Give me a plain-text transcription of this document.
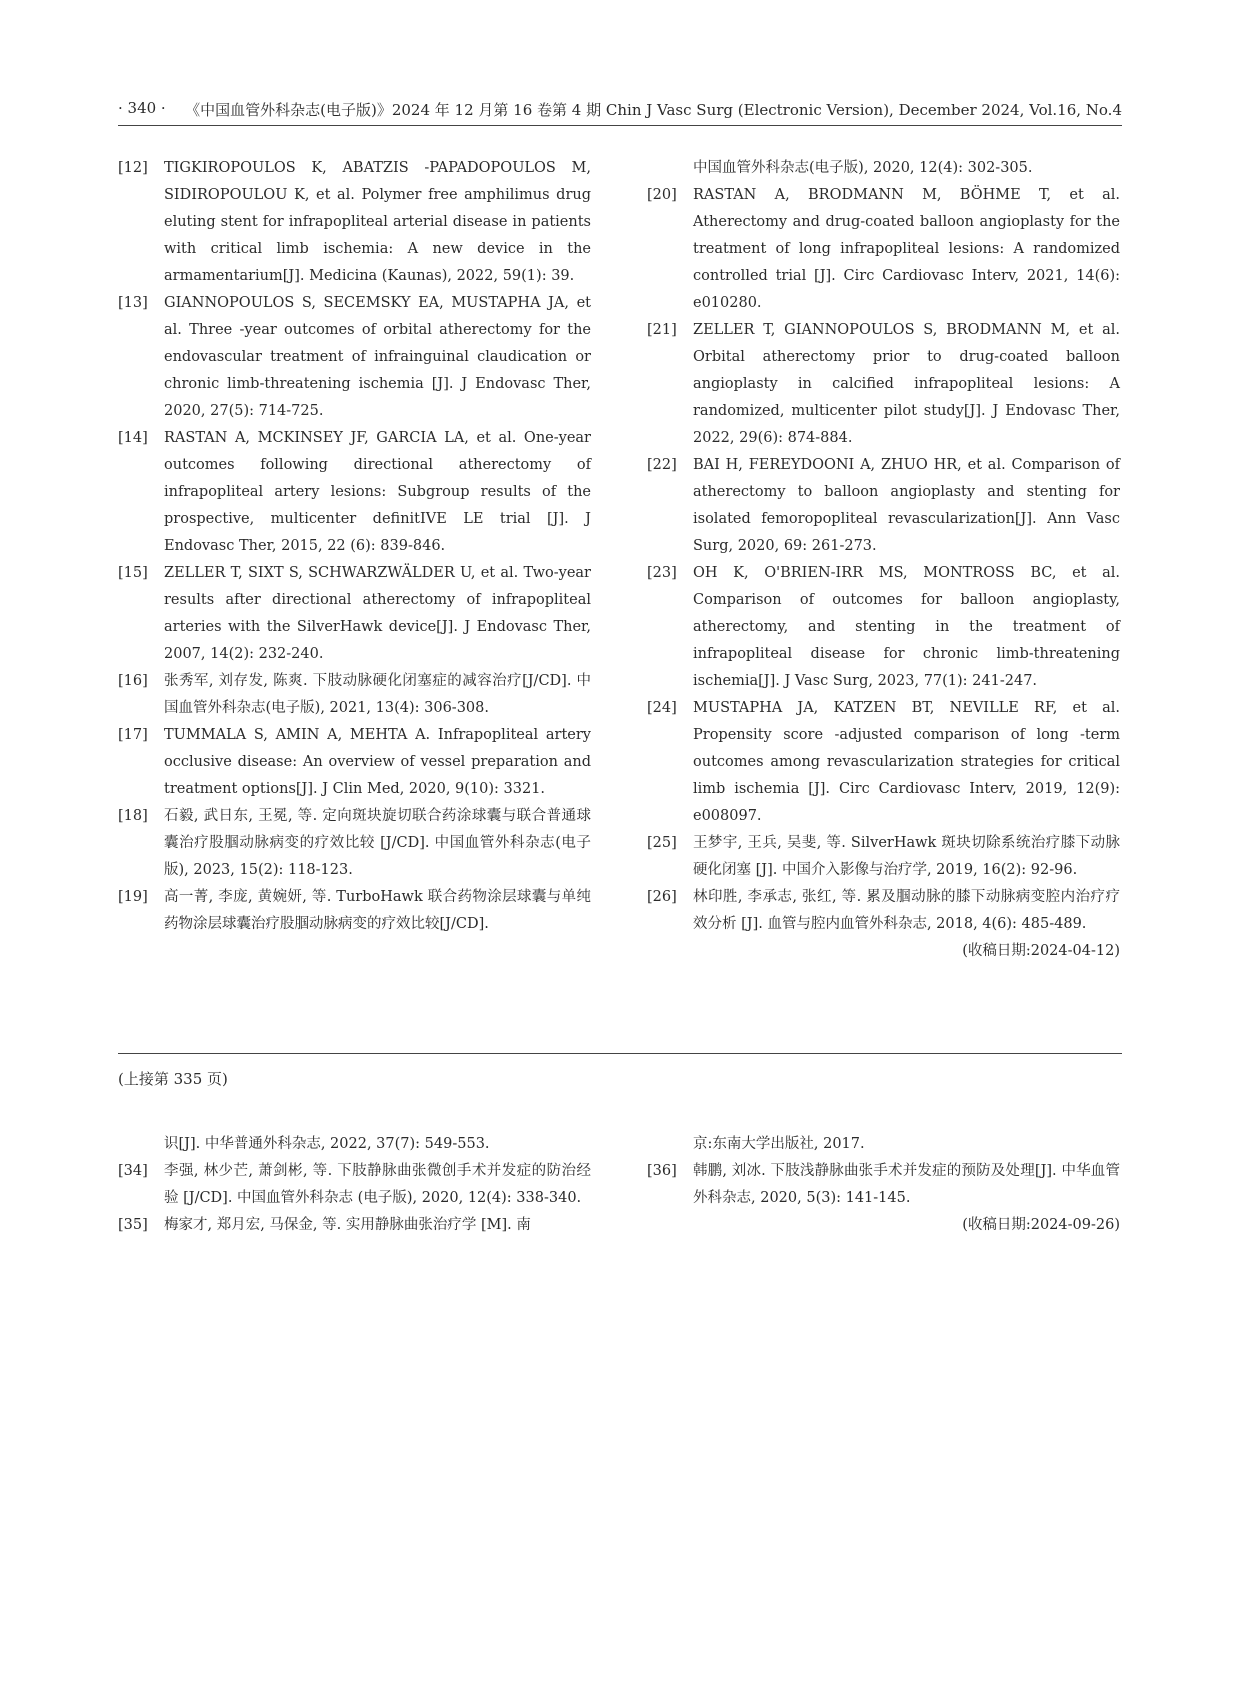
· 340 · 《中国血管外科杂志(电子版)》2024 年 12 月第 16 卷第 4 期 Chin J Vasc Surg (Electronic Version), December 2024, Vol.16, No.4
[12] TIGKIROPOULOS K, ABATZIS -PAPADOPOULOS M, SIDIROPOULOU K, et al. Polymer free amphilimus drug eluting stent for infrapopliteal arterial disease in patients with critical limb ischemia: A new device in the armamentarium[J]. Medicina (Kaunas), 2022, 59(1): 39.
[13] GIANNOPOULOS S, SECEMSKY EA, MUSTAPHA JA, et al. Three -year outcomes of orbital atherectomy for the endovascular treatment of infrainguinal claudication or chronic limb-threatening ischemia [J]. J Endovasc Ther, 2020, 27(5): 714-725.
[14] RASTAN A, MCKINSEY JF, GARCIA LA, et al. One-year outcomes following directional atherectomy of infrapopliteal artery lesions: Subgroup results of the prospective, multicenter definitIVE LE trial [J]. J Endovasc Ther, 2015, 22 (6): 839-846.
[15] ZELLER T, SIXT S, SCHWARZWÄLDER U, et al. Two-year results after directional atherectomy of infrapopliteal arteries with the SilverHawk device[J]. J Endovasc Ther, 2007, 14(2): 232-240.
[16] 张秀军, 刘存发, 陈爽. 下肢动脉硬化闭塞症的减容治疗[J/CD]. 中国血管外科杂志(电子版), 2021, 13(4): 306-308.
[17] TUMMALA S, AMIN A, MEHTA A. Infrapopliteal artery occlusive disease: An overview of vessel preparation and treatment options[J]. J Clin Med, 2020, 9(10): 3321.
[18] 石毅, 武日东, 王冕, 等. 定向斑块旋切联合药涂球囊与联合普通球囊治疗股腘动脉病变的疗效比较 [J/CD]. 中国血管外科杂志(电子版), 2023, 15(2): 118-123.
[19] 高一菁, 李庞, 黄婉妍, 等. TurboHawk 联合药物涂层球囊与单纯药物涂层球囊治疗股腘动脉病变的疗效比较[J/CD].

中国血管外科杂志(电子版), 2020, 12(4): 302-305.

[20] RASTAN A, BRODMANN M, BÖHME T, et al. Atherectomy and drug-coated balloon angioplasty for the treatment of long infrapopliteal lesions: A randomized controlled trial [J]. Circ Cardiovasc Interv, 2021, 14(6): e010280.
[21] ZELLER T, GIANNOPOULOS S, BRODMANN M, et al. Orbital atherectomy prior to drug-coated balloon angioplasty in calcified infrapopliteal lesions: A randomized, multicenter pilot study[J]. J Endovasc Ther, 2022, 29(6): 874-884.
[22] BAI H, FEREYDOONI A, ZHUO HR, et al. Comparison of atherectomy to balloon angioplasty and stenting for isolated femoropopliteal revascularization[J]. Ann Vasc Surg, 2020, 69: 261-273.
[23] OH K, O'BRIEN-IRR MS, MONTROSS BC, et al. Comparison of outcomes for balloon angioplasty, atherectomy, and stenting in the treatment of infrapopliteal disease for chronic limb-threatening ischemia[J]. J Vasc Surg, 2023, 77(1): 241-247.
[24] MUSTAPHA JA, KATZEN BT, NEVILLE RF, et al. Propensity score -adjusted comparison of long -term outcomes among revascularization strategies for critical limb ischemia [J]. Circ Cardiovasc Interv, 2019, 12(9): e008097.
[25] 王梦宇, 王兵, 吴斐, 等. SilverHawk 斑块切除系统治疗膝下动脉硬化闭塞 [J]. 中国介入影像与治疗学, 2019, 16(2): 92-96.
[26] 林印胜, 李承志, 张红, 等. 累及腘动脉的膝下动脉病变腔内治疗疗效分析 [J]. 血管与腔内血管外科杂志, 2018, 4(6): 485-489.

(收稿日期:2024-04-12)

(上接第 335 页)

识[J]. 中华普通外科杂志, 2022, 37(7): 549-553.

[34] 李强, 林少芒, 萧剑彬, 等. 下肢静脉曲张微创手术并发症的防治经验 [J/CD]. 中国血管外科杂志 (电子版), 2020, 12(4): 338-340.
[35] 梅家才, 郑月宏, 马保金, 等. 实用静脉曲张治疗学 [M]. 南

京:东南大学出版社, 2017.

[36] 韩鹏, 刘冰. 下肢浅静脉曲张手术并发症的预防及处理[J]. 中华血管外科杂志, 2020, 5(3): 141-145.

(收稿日期:2024-09-26)
